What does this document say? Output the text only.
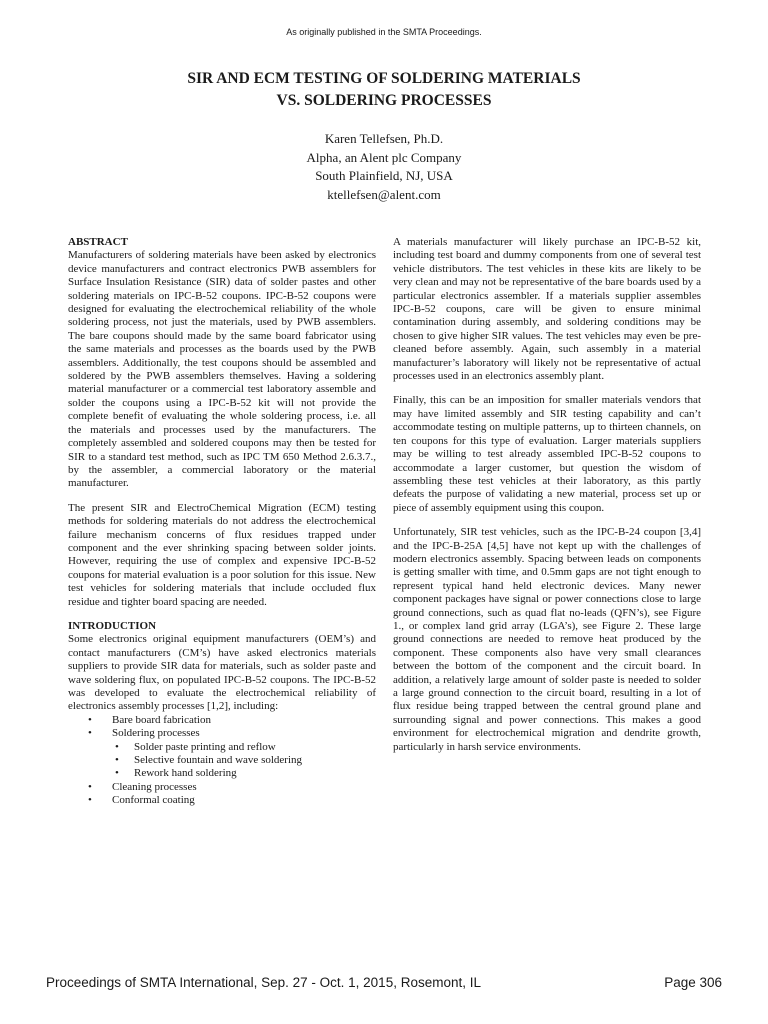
As originally published in the SMTA Proceedings.
SIR AND ECM TESTING OF SOLDERING MATERIALS
VS. SOLDERING PROCESSES
Karen Tellefsen, Ph.D.
Alpha, an Alent plc Company
South Plainfield, NJ, USA
ktellefsen@alent.com
ABSTRACT

Manufacturers of soldering materials have been asked by electronics device manufacturers and contract electronics PWB assemblers for Surface Insulation Resistance (SIR) data of solder pastes and other soldering materials on IPC-B-52 coupons. IPC-B-52 coupons were designed for evaluating the electrochemical reliability of the whole soldering process, not just the materials, used by PWB assemblers. The bare coupons should made by the same board fabricator using the same materials and processes as the boards used by the PWB assemblers. Additionally, the test coupons should be assembled and soldered by the PWB assemblers themselves. Having a soldering material manufacturer or a commercial test laboratory assemble and solder the coupons using a IPC-B-52 kit will not provide the complete benefit of evaluating the whole soldering process, i.e. all the materials and processes used by the manufacturers. The completely assembled and soldered coupons may then be tested for SIR to a standard test method, such as IPC TM 650 Method 2.6.3.7., by the assembler, a commercial laboratory or the material manufacturer.

The present SIR and ElectroChemical Migration (ECM) testing methods for soldering materials do not address the electrochemical failure mechanism concerns of flux residues trapped under component and the ever shrinking spacing between solder joints. However, requiring the use of complex and expensive IPC-B-52 coupons for material evaluation is a poor solution for this issue. New test vehicles for soldering materials that include occluded flux residue and tighter board spacing are needed.

INTRODUCTION

Some electronics original equipment manufacturers (OEM’s) and contact manufacturers (CM’s) have asked electronics materials suppliers to provide SIR data for materials, such as solder paste and wave soldering flux, on populated IPC-B-52 coupons. The IPC-B-52 was developed to evaluate the electrochemical reliability of electronics assembly processes [1,2], including:

• Bare board fabrication
• Soldering processes
• Solder paste printing and reflow
• Selective fountain and wave soldering
• Rework hand soldering
• Cleaning processes
• Conformal coating

A materials manufacturer will likely purchase an IPC-B-52 kit, including test board and dummy components from one of several test vehicle distributors. The test vehicles in these kits are likely to be very clean and may not be representative of the bare boards used by a particular electronics assembler. If a materials supplier assembles IPC-B-52 coupons, care will be given to ensure minimal contamination during assembly, and soldering conditions may be chosen to give higher SIR values. The test vehicles may even be pre-cleaned before assembly. Again, such assembly in a material manufacturer’s laboratory will likely not be representative of actual processes used in an electronics assembly plant.

Finally, this can be an imposition for smaller materials vendors that may have limited assembly and SIR testing capability and can’t accommodate testing on multiple patterns, up to thirteen channels, on ten coupons for this type of evaluation. Larger materials suppliers may be willing to test already assembled IPC-B-52 coupons to accommodate a larger customer, but question the wisdom of assembling these test vehicles at their laboratory, as this partly defeats the purpose of validating a new material, process set up or piece of assembly equipment using this coupon.

Unfortunately, SIR test vehicles, such as the IPC-B-24 coupon [3,4] and the IPC-B-25A [4,5] have not kept up with the challenges of modern electronics assembly. Spacing between leads on components is getting smaller with time, and 0.5mm gaps are not tight enough to represent typical hand held electronic devices. Many newer component packages have signal or power connections close to large ground connections, such as quad flat no-leads (QFN’s), see Figure 1., or complex land grid array (LGA’s), see Figure 2. These large ground connections are needed to remove heat produced by the component. These components also have very small clearances between the bottom of the component and the circuit board. In addition, a relatively large amount of solder paste is needed to solder a large ground connection to the circuit board, resulting in a lot of flux residue being trapped between the central ground plane and surrounding signal and power connections. This makes a good environment for electrochemical migration and dendrite growth, particularly in harsh service environments.

Proceedings of SMTA International, Sep. 27 - Oct. 1, 2015, Rosemont, IL	Page 306
